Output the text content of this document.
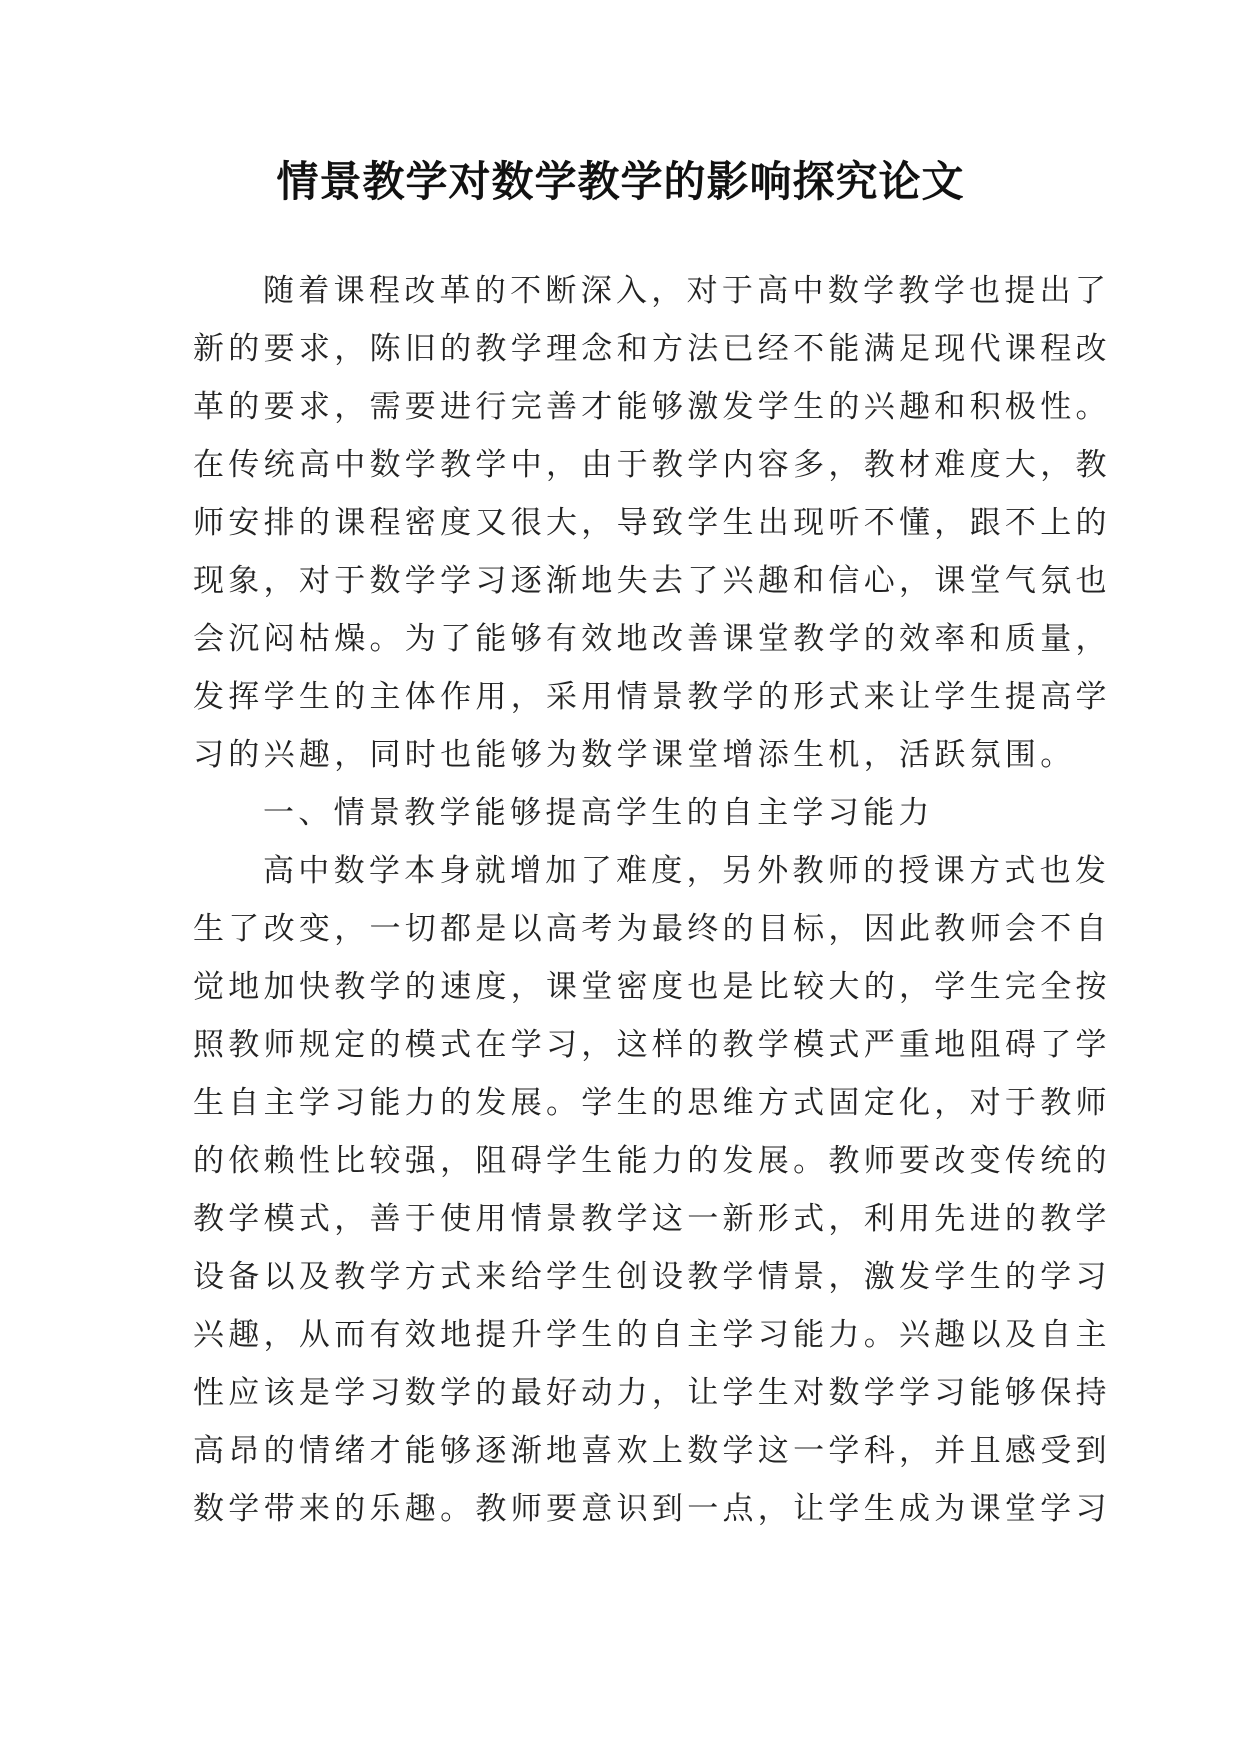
情景教学对数学教学的影响探究论文
随着课程改革的不断深入，对于高中数学教学也提出了
新的要求，陈旧的教学理念和方法已经不能满足现代课程改
革的要求，需要进行完善才能够激发学生的兴趣和积极性。
在传统高中数学教学中，由于教学内容多，教材难度大，教
师安排的课程密度又很大，导致学生出现听不懂，跟不上的
现象，对于数学学习逐渐地失去了兴趣和信心，课堂气氛也
会沉闷枯燥。为了能够有效地改善课堂教学的效率和质量，
发挥学生的主体作用，采用情景教学的形式来让学生提高学
习的兴趣，同时也能够为数学课堂增添生机，活跃氛围。
一、情景教学能够提高学生的自主学习能力
高中数学本身就增加了难度，另外教师的授课方式也发
生了改变，一切都是以高考为最终的目标，因此教师会不自
觉地加快教学的速度，课堂密度也是比较大的，学生完全按
照教师规定的模式在学习，这样的教学模式严重地阻碍了学
生自主学习能力的发展。学生的思维方式固定化，对于教师
的依赖性比较强，阻碍学生能力的发展。教师要改变传统的
教学模式，善于使用情景教学这一新形式，利用先进的教学
设备以及教学方式来给学生创设教学情景，激发学生的学习
兴趣，从而有效地提升学生的自主学习能力。兴趣以及自主
性应该是学习数学的最好动力，让学生对数学学习能够保持
高昂的情绪才能够逐渐地喜欢上数学这一学科，并且感受到
数学带来的乐趣。教师要意识到一点，让学生成为课堂学习
